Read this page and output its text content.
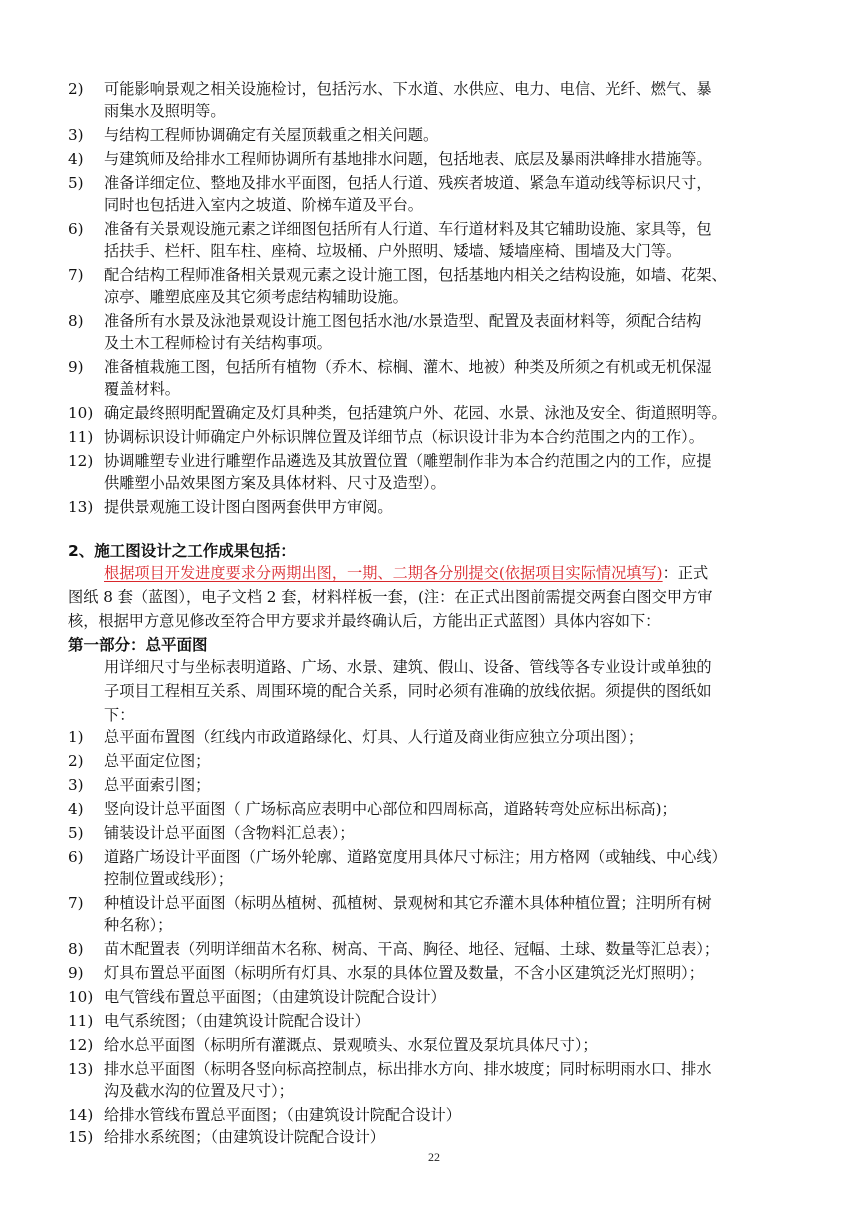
2) 可能影响景观之相关设施检讨，包括污水、下水道、水供应、电力、电信、光纤、燃气、暴
雨集水及照明等。
3) 与结构工程师协调确定有关屋顶载重之相关问题。
4) 与建筑师及给排水工程师协调所有基地排水问题，包括地表、底层及暴雨洪峰排水措施等。
5) 准备详细定位、整地及排水平面图，包括人行道、残疾者坡道、紧急车道动线等标识尺寸，
同时也包括进入室内之坡道、阶梯车道及平台。
6) 准备有关景观设施元素之详细图包括所有人行道、车行道材料及其它辅助设施、家具等，包
括扶手、栏杆、阻车柱、座椅、垃圾桶、户外照明、矮墙、矮墙座椅、围墙及大门等。
7) 配合结构工程师准备相关景观元素之设计施工图，包括基地内相关之结构设施，如墙、花架、
凉亭、雕塑底座及其它须考虑结构辅助设施。
8) 准备所有水景及泳池景观设计施工图包括水池/水景造型、配置及表面材料等，须配合结构
及土木工程师检讨有关结构事项。
9) 准备植栽施工图，包括所有植物（乔木、棕榈、灌木、地被）种类及所须之有机或无机保湿
覆盖材料。
10) 确定最终照明配置确定及灯具种类，包括建筑户外、花园、水景、泳池及安全、街道照明等。
11) 协调标识设计师确定户外标识牌位置及详细节点（标识设计非为本合约范围之内的工作）。
12) 协调雕塑专业进行雕塑作品遴选及其放置位置（雕塑制作非为本合约范围之内的工作，应提
供雕塑小品效果图方案及具体材料、尺寸及造型）。
13) 提供景观施工设计图白图两套供甲方审阅。
2、施工图设计之工作成果包括：
根据项目开发进度要求分两期出图，一期、二期各分别提交(依据项目实际情况填写)：正式
图纸 8 套（蓝图），电子文档 2 套，材料样板一套，(注：在正式出图前需提交两套白图交甲方审
核，根据甲方意见修改至符合甲方要求并最终确认后，方能出正式蓝图）具体内容如下：
第一部分：总平面图
用详细尺寸与坐标表明道路、广场、水景、建筑、假山、设备、管线等各专业设计或单独的
子项目工程相互关系、周围环境的配合关系，同时必须有准确的放线依据。须提供的图纸如
下：
1) 总平面布置图（红线内市政道路绿化、灯具、人行道及商业街应独立分项出图）；
2) 总平面定位图；
3) 总平面索引图；
4) 竖向设计总平面图（ 广场标高应表明中心部位和四周标高，道路转弯处应标出标高)；
5) 铺装设计总平面图（含物料汇总表）；
6) 道路广场设计平面图（广场外轮廓、道路宽度用具体尺寸标注；用方格网（或轴线、中心线）
控制位置或线形）；
7) 种植设计总平面图（标明丛植树、孤植树、景观树和其它乔灌木具体种植位置；注明所有树
种名称）；
8) 苗木配置表（列明详细苗木名称、树高、干高、胸径、地径、冠幅、土球、数量等汇总表）；
9) 灯具布置总平面图（标明所有灯具、水泵的具体位置及数量，不含小区建筑泛光灯照明）；
10) 电气管线布置总平面图；（由建筑设计院配合设计）
11) 电气系统图；（由建筑设计院配合设计）
12) 给水总平面图（标明所有灌溉点、景观喷头、水泵位置及泵坑具体尺寸）；
13) 排水总平面图（标明各竖向标高控制点，标出排水方向、排水坡度；同时标明雨水口、排水
沟及截水沟的位置及尺寸）；
14) 给排水管线布置总平面图；（由建筑设计院配合设计）
15) 给排水系统图；（由建筑设计院配合设计）
22
